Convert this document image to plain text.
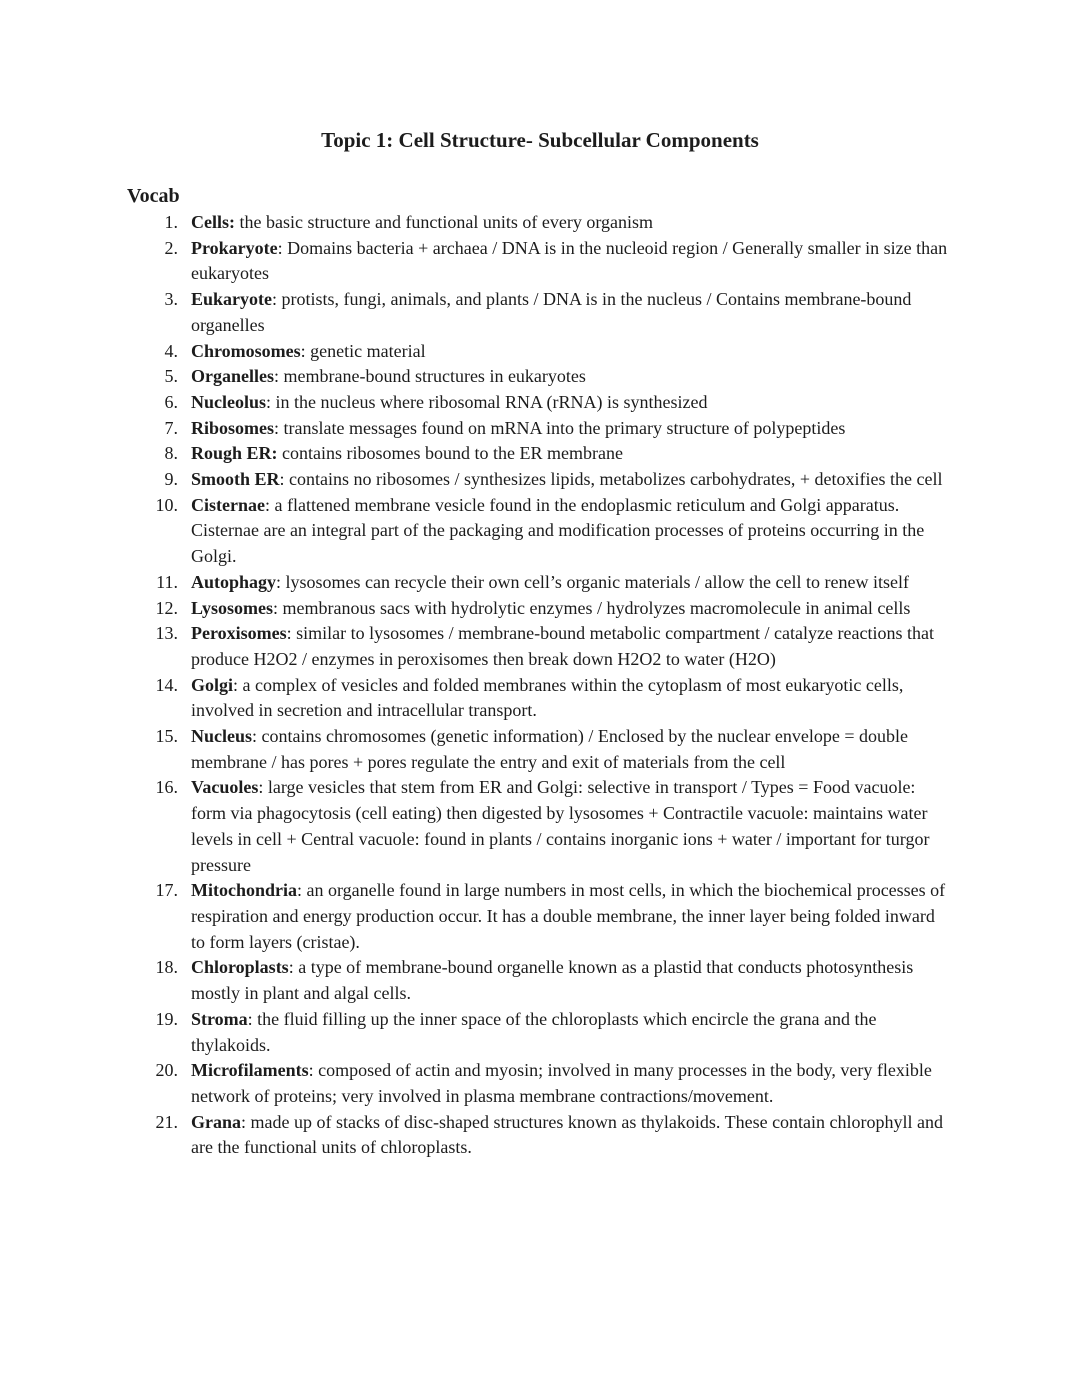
Topic 1: Cell Structure- Subcellular Components
Vocab
1. Cells: the basic structure and functional units of every organism
2. Prokaryote: Domains bacteria + archaea / DNA is in the nucleoid region / Generally smaller in size than eukaryotes
3. Eukaryote: protists, fungi, animals, and plants / DNA is in the nucleus / Contains membrane-bound organelles
4. Chromosomes: genetic material
5. Organelles: membrane-bound structures in eukaryotes
6. Nucleolus: in the nucleus where ribosomal RNA (rRNA) is synthesized
7. Ribosomes: translate messages found on mRNA into the primary structure of polypeptides
8. Rough ER: contains ribosomes bound to the ER membrane
9. Smooth ER: contains no ribosomes / synthesizes lipids, metabolizes carbohydrates, + detoxifies the cell
10. Cisternae: a flattened membrane vesicle found in the endoplasmic reticulum and Golgi apparatus. Cisternae are an integral part of the packaging and modification processes of proteins occurring in the Golgi.
11. Autophagy: lysosomes can recycle their own cell’s organic materials / allow the cell to renew itself
12. Lysosomes: membranous sacs with hydrolytic enzymes / hydrolyzes macromolecule in animal cells
13. Peroxisomes: similar to lysosomes / membrane-bound metabolic compartment / catalyze reactions that produce H2O2 / enzymes in peroxisomes then break down H2O2 to water (H2O)
14. Golgi: a complex of vesicles and folded membranes within the cytoplasm of most eukaryotic cells, involved in secretion and intracellular transport.
15. Nucleus: contains chromosomes (genetic information) / Enclosed by the nuclear envelope = double membrane / has pores + pores regulate the entry and exit of materials from the cell
16. Vacuoles: large vesicles that stem from ER and Golgi: selective in transport / Types = Food vacuole: form via phagocytosis (cell eating) then digested by lysosomes + Contractile vacuole: maintains water levels in cell + Central vacuole: found in plants / contains inorganic ions + water / important for turgor pressure
17. Mitochondria: an organelle found in large numbers in most cells, in which the biochemical processes of respiration and energy production occur. It has a double membrane, the inner layer being folded inward to form layers (cristae).
18. Chloroplasts: a type of membrane-bound organelle known as a plastid that conducts photosynthesis mostly in plant and algal cells.
19. Stroma: the fluid filling up the inner space of the chloroplasts which encircle the grana and the thylakoids.
20. Microfilaments: composed of actin and myosin; involved in many processes in the body, very flexible network of proteins; very involved in plasma membrane contractions/movement.
21. Grana: made up of stacks of disc-shaped structures known as thylakoids. These contain chlorophyll and are the functional units of chloroplasts.
